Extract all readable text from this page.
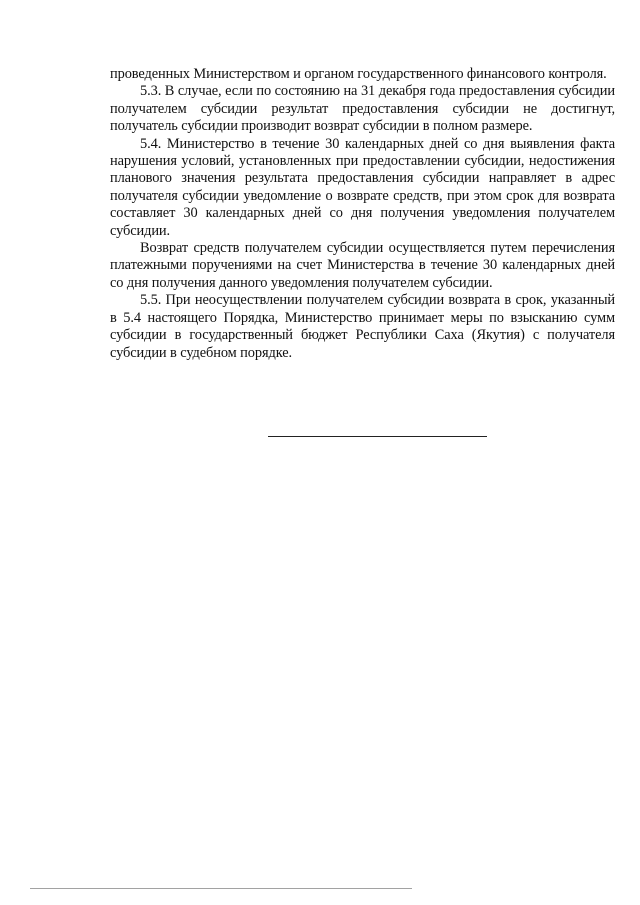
проведенных Министерством и органом государственного финансового контроля.

5.3. В случае, если по состоянию на 31 декабря года предоставления субсидии получателем субсидии результат предоставления субсидии не достигнут, получатель субсидии производит возврат субсидии в полном размере.

5.4. Министерство в течение 30 календарных дней со дня выявления факта нарушения условий, установленных при предоставлении субсидии, недостижения планового значения результата предоставления субсидии направляет в адрес получателя субсидии уведомление о возврате средств, при этом срок для возврата составляет 30 календарных дней со дня получения уведомления получателем субсидии.

Возврат средств получателем субсидии осуществляется путем перечисления платежными поручениями на счет Министерства в течение 30 календарных дней со дня получения данного уведомления получателем субсидии.

5.5. При неосуществлении получателем субсидии возврата в срок, указанный в 5.4 настоящего Порядка, Министерство принимает меры по взысканию сумм субсидии в государственный бюджет Республики Саха (Якутия) с получателя субсидии в судебном порядке.
